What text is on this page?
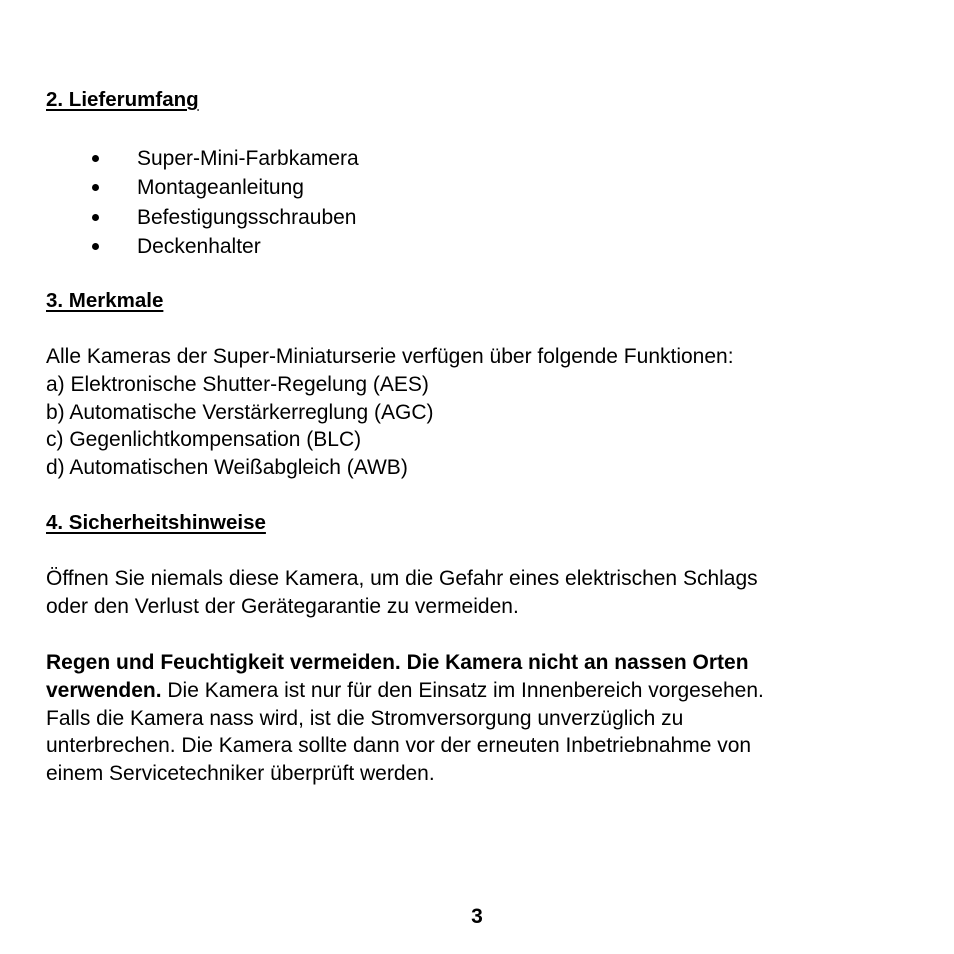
2. Lieferumfang
Super-Mini-Farbkamera
Montageanleitung
Befestigungsschrauben
Deckenhalter
3. Merkmale
Alle Kameras der Super-Miniaturserie verfügen über folgende Funktionen:
a) Elektronische Shutter-Regelung (AES)
b) Automatische Verstärkerreglung (AGC)
c) Gegenlichtkompensation (BLC)
d) Automatischen Weißabgleich (AWB)
4. Sicherheitshinweise
Öffnen Sie niemals diese Kamera, um die Gefahr eines elektrischen Schlags
oder den Verlust der Gerätegarantie zu vermeiden.
Regen und Feuchtigkeit vermeiden. Die Kamera nicht an nassen Orten
verwenden. Die Kamera ist nur für den Einsatz im Innenbereich vorgesehen.
Falls die Kamera nass wird, ist die Stromversorgung unverzüglich zu
unterbrechen. Die Kamera sollte dann vor der erneuten Inbetriebnahme von
einem Servicetechniker überprüft werden.
3
